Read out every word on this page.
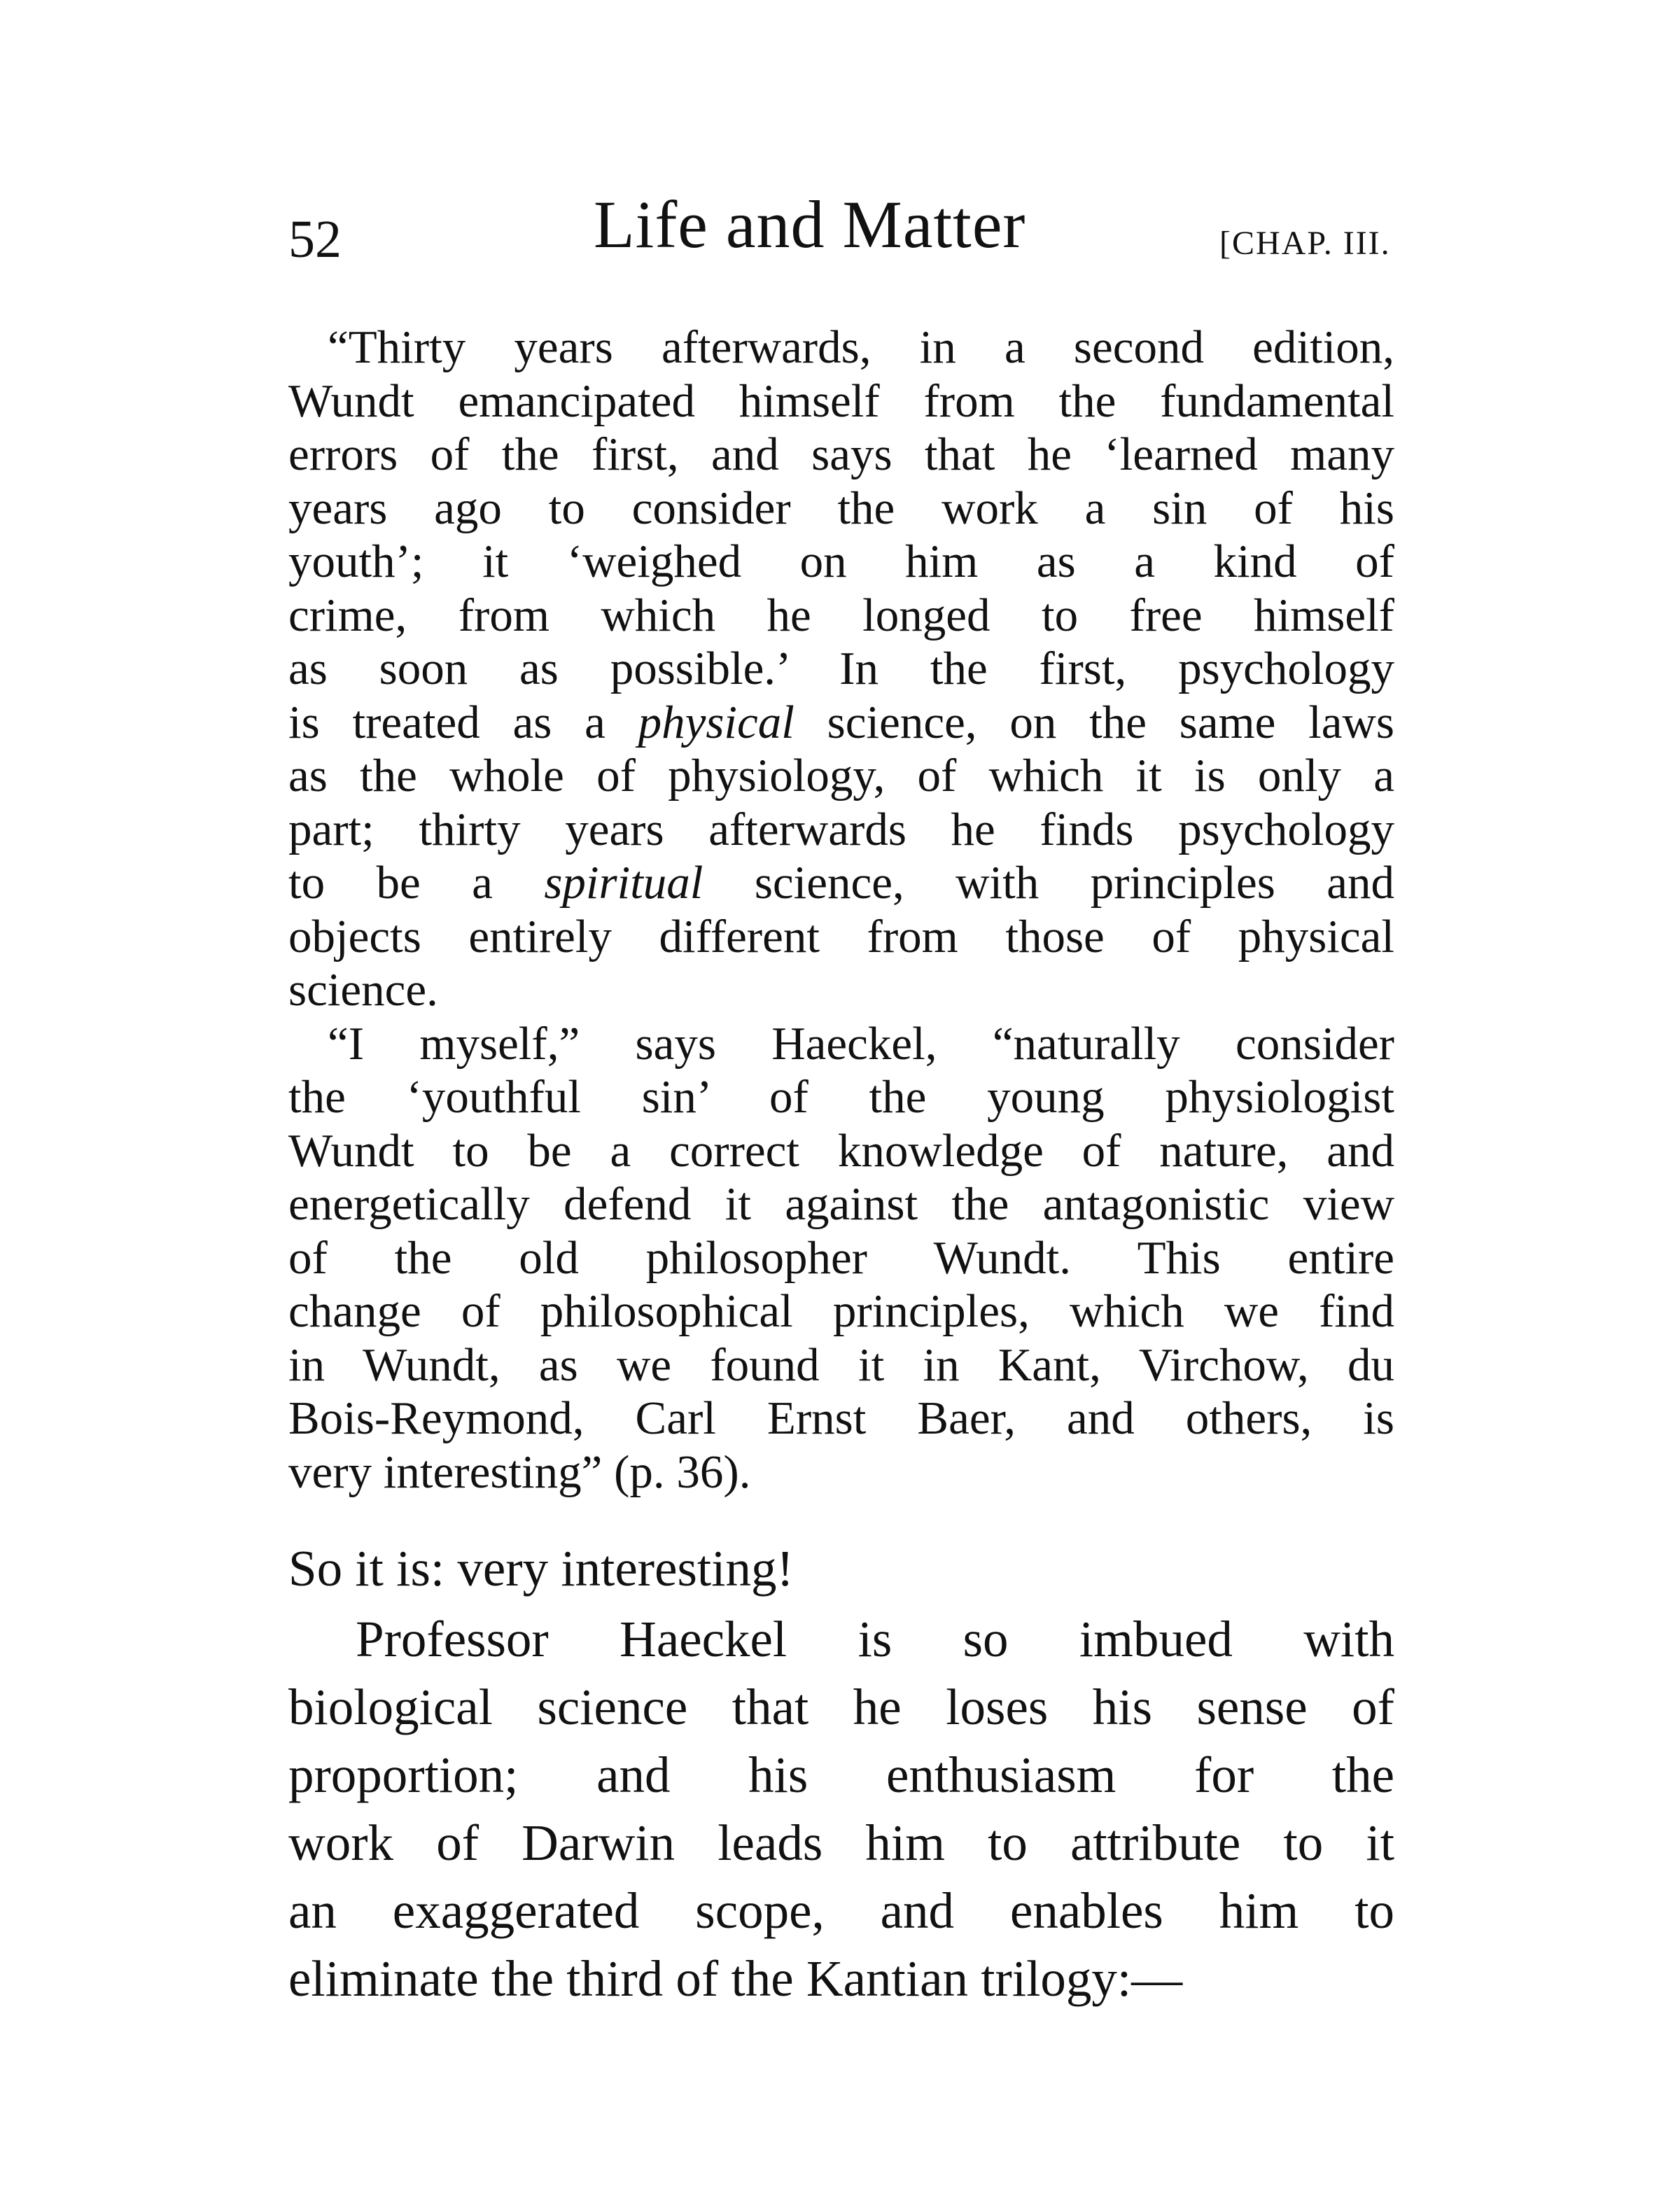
52	Life and Matter	[CHAP. III.
“Thirty years afterwards, in a second edition,
Wundt emancipated himself from the fundamental
errors of the first, and says that he ‘learned many
years ago to consider the work a sin of his
youth’; it ‘weighed on him as a kind of
crime, from which he longed to free himself
as soon as possible.’ In the first, psychology
is treated as a physical science, on the same laws
as the whole of physiology, of which it is only a
part; thirty years afterwards he finds psychology
to be a spiritual science, with principles and
objects entirely different from those of physical
science.
“I myself,” says Haeckel, “naturally consider
the ‘youthful sin’ of the young physiologist
Wundt to be a correct knowledge of nature, and
energetically defend it against the antagonistic view
of the old philosopher Wundt. This entire
change of philosophical principles, which we find
in Wundt, as we found it in Kant, Virchow, du
Bois-Reymond, Carl Ernst Baer, and others, is
very interesting” (p. 36).
So it is: very interesting!
Professor Haeckel is so imbued with
biological science that he loses his sense of
proportion; and his enthusiasm for the
work of Darwin leads him to attribute to it
an exaggerated scope, and enables him to
eliminate the third of the Kantian trilogy:—
